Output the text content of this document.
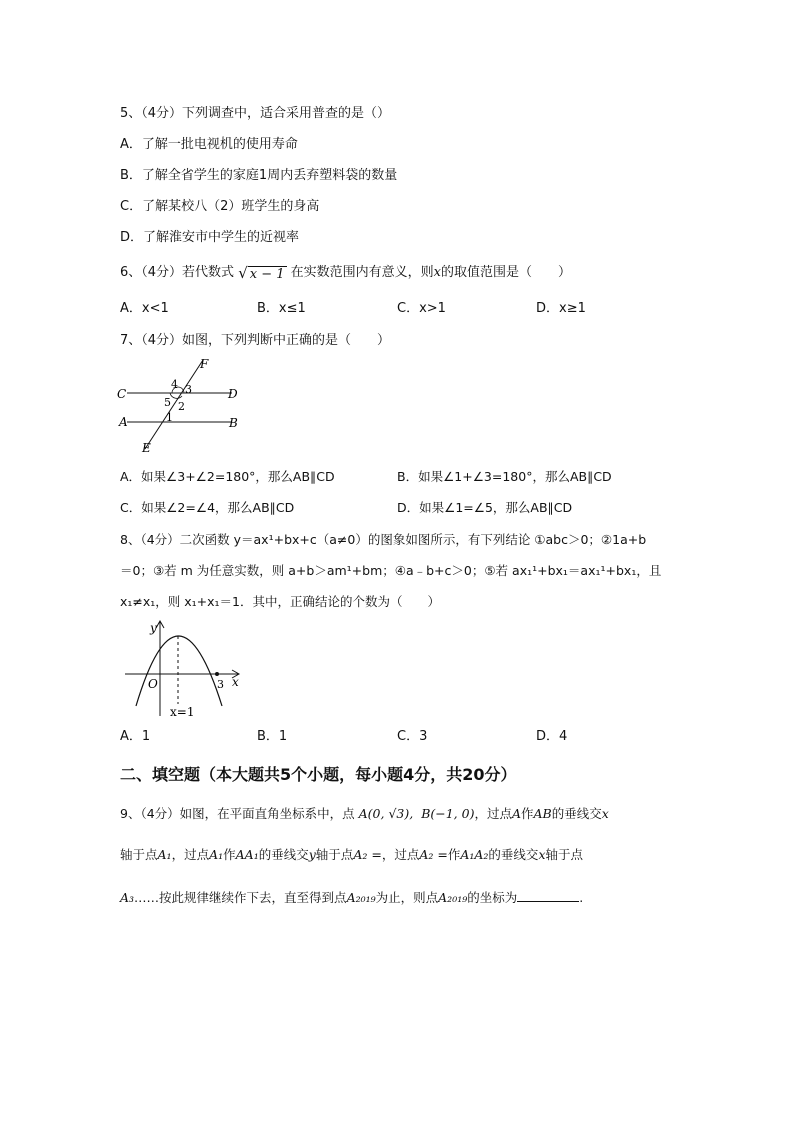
5、（4分）下列调查中，适合采用普查的是（）
A．了解一批电视机的使用寿命
B．了解全省学生的家庭1周内丢弃塑料袋的数量
C．了解某校八（2）班学生的身高
D．了解淮安市中学生的近视率
6、（4分）若代数式 √ x − 1 在实数范围内有意义，则x的取值范围是（　　）
A．x<1	B．x≤1	C．x>1	D．x≥1
7、（4分）如图，下列判断中正确的是（　　）
F
C	D
A	B
E
4 3
5 2
1
A．如果∠3+∠2=180°，那么AB∥CD	B．如果∠1+∠3=180°，那么AB∥CD
C．如果∠2=∠4，那么AB∥CD	D．如果∠1=∠5，那么AB∥CD
8、（4分）二次函数 y＝ax¹+bx+c（a≠0）的图象如图所示，有下列结论 ①abc＞0；②1a+b
＝0；③若 m 为任意实数，则 a+b＞am¹+bm；④a﹣b+c＞0；⑤若 ax₁¹+bx₁＝ax₁¹+bx₁，且
x₁≠x₁，则 x₁+x₁＝1．其中，正确结论的个数为（　　）
y
x
O	3
x=1
A．1	B．1	C．3	D．4
二、填空题（本大题共5个小题，每小题4分，共20分）
9、（4分）如图，在平面直角坐标系中，点 A(0, √3), B(−1, 0)，过点A作AB的垂线交x
轴于点A₁，过点A₁作AA₁的垂线交y轴于点A₂ =，过点A₂ =作A₁A₂的垂线交x轴于点
A₃……按此规律继续作下去，直至得到点A₂₀₁₉为止，则点A₂₀₁₉的坐标为	.
